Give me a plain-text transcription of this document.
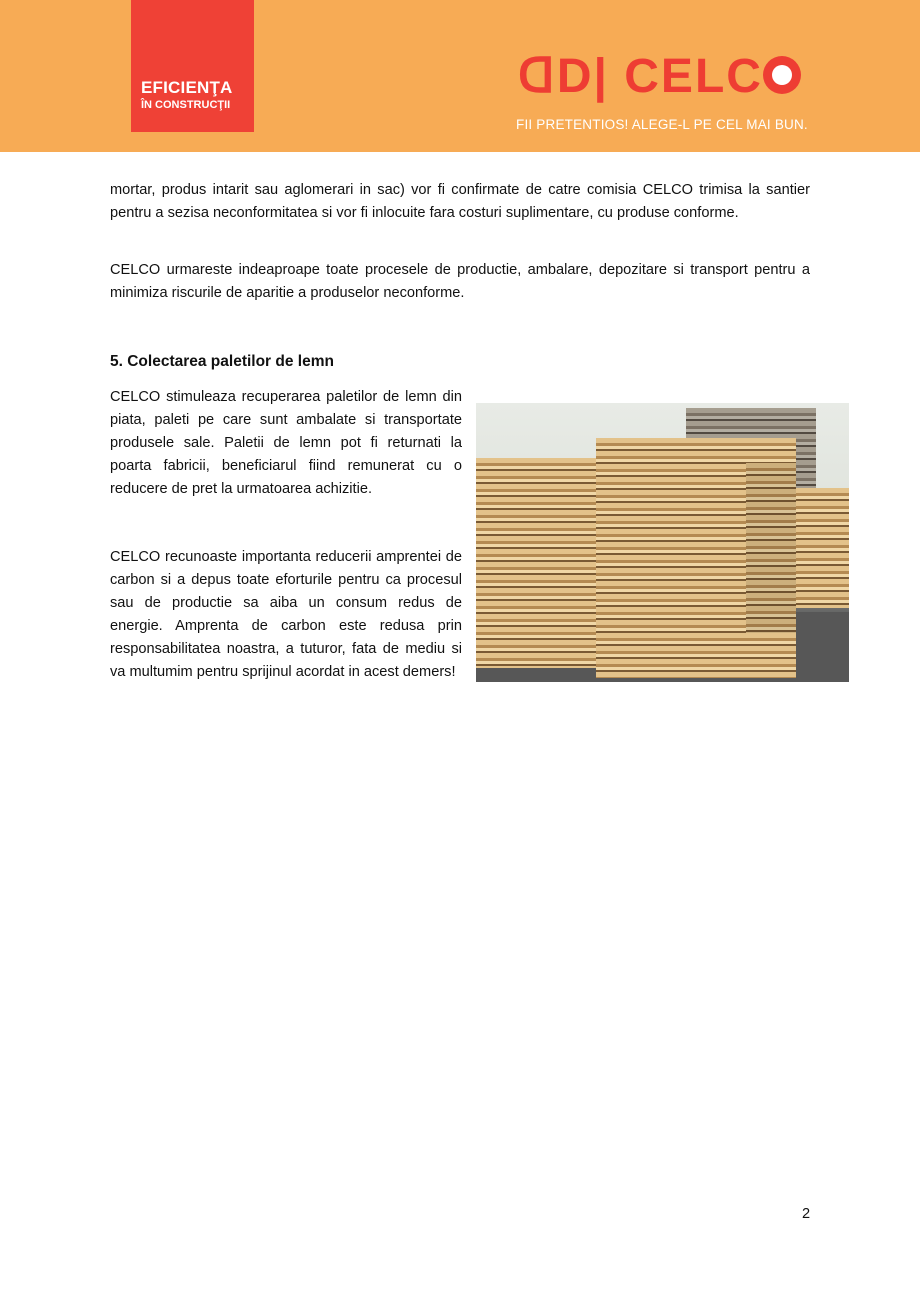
EFICIENŢA
ÎN CONSTRUCŢII
ᗡD| CELC
FII PRETENTIOS! ALEGE-L PE CEL MAI BUN.

mortar, produs intarit sau aglomerari in sac) vor fi confirmate de catre comisia CELCO trimisa la santier pentru a sezisa neconformitatea si vor fi inlocuite fara costuri suplimentare, cu produse conforme.

CELCO urmareste indeaproape toate procesele de productie, ambalare, depozitare si transport pentru a minimiza riscurile de aparitie a produselor neconforme.

5. Colectarea paletilor de lemn

CELCO stimuleaza recuperarea paletilor de lemn din piata, paleti pe care sunt ambalate si transportate produsele sale. Paletii de lemn pot fi returnati la poarta fabricii, beneficiarul fiind remunerat cu o reducere de pret la urmatoarea achizitie.

CELCO recunoaste importanta reducerii amprentei de carbon si a depus toate eforturile pentru ca procesul sau de productie sa aiba un consum redus de energie. Amprenta de carbon este redusa prin responsabilitatea noastra, a tuturor, fata de mediu si va multumim pentru sprijinul acordat in acest demers!

2
